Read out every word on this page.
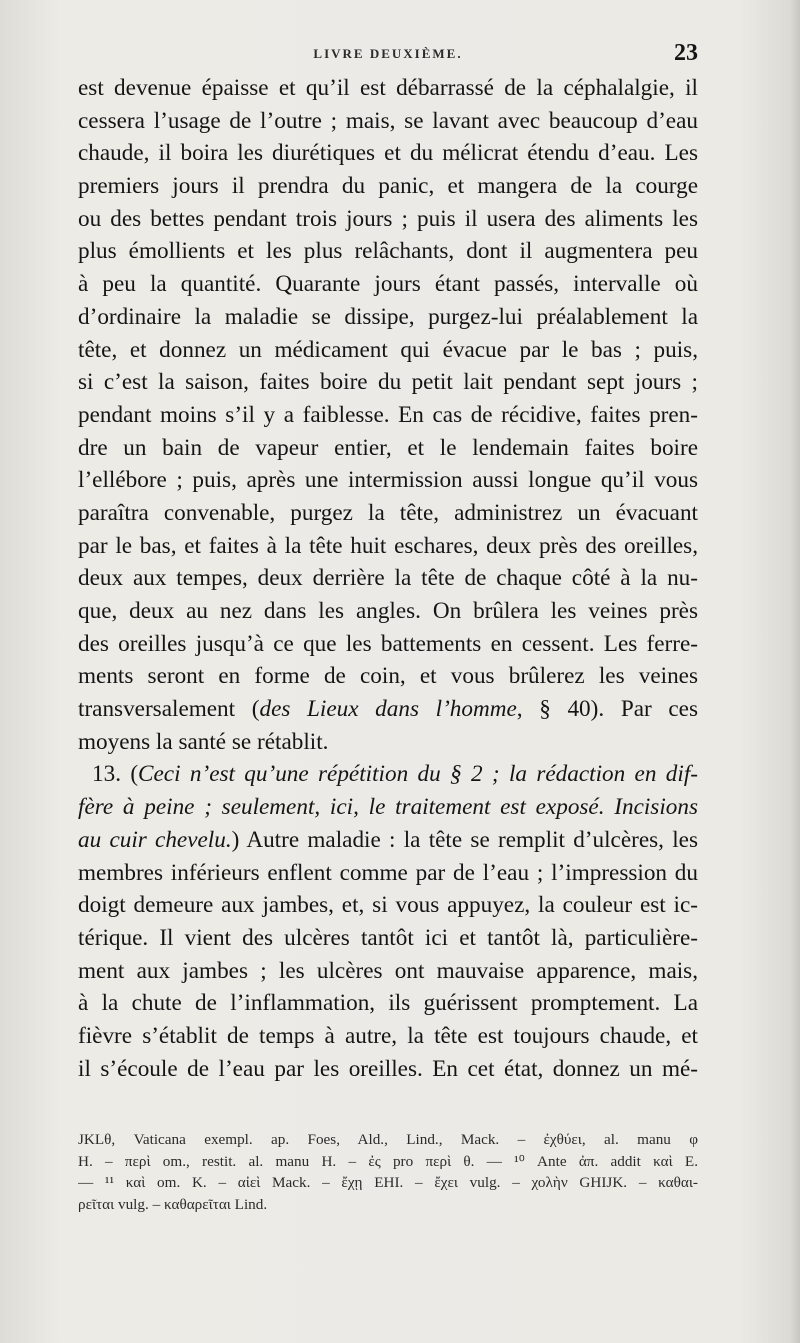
LIVRE DEUXIÈME.	23
est devenue épaisse et qu’il est débarrassé de la céphalalgie, il
cessera l’usage de l’outre ; mais, se lavant avec beaucoup d’eau
chaude, il boira les diurétiques et du mélicrat étendu d’eau. Les
premiers jours il prendra du panic, et mangera de la courge
ou des bettes pendant trois jours ; puis il usera des aliments les
plus émollients et les plus relâchants, dont il augmentera peu
à peu la quantité. Quarante jours étant passés, intervalle où
d’ordinaire la maladie se dissipe, purgez-lui préalablement la
tête, et donnez un médicament qui évacue par le bas ; puis,
si c’est la saison, faites boire du petit lait pendant sept jours ;
pendant moins s’il y a faiblesse. En cas de récidive, faites pren-
dre un bain de vapeur entier, et le lendemain faites boire
l’ellébore ; puis, après une intermission aussi longue qu’il vous
paraîtra convenable, purgez la tête, administrez un évacuant
par le bas, et faites à la tête huit eschares, deux près des oreilles,
deux aux tempes, deux derrière la tête de chaque côté à la nu-
que, deux au nez dans les angles. On brûlera les veines près
des oreilles jusqu’à ce que les battements en cessent. Les ferre-
ments seront en forme de coin, et vous brûlerez les veines
transversalement (des Lieux dans l’homme, § 40). Par ces
moyens la santé se rétablit.
13. (Ceci n’est qu’une répétition du § 2 ; la rédaction en dif-
fère à peine ; seulement, ici, le traitement est exposé. Incisions
au cuir chevelu.) Autre maladie : la tête se remplit d’ulcères, les
membres inférieurs enflent comme par de l’eau ; l’impression du
doigt demeure aux jambes, et, si vous appuyez, la couleur est ic-
térique. Il vient des ulcères tantôt ici et tantôt là, particulière-
ment aux jambes ; les ulcères ont mauvaise apparence, mais,
à la chute de l’inflammation, ils guérissent promptement. La
fièvre s’établit de temps à autre, la tête est toujours chaude, et
il s’écoule de l’eau par les oreilles. En cet état, donnez un mé-
JKLθ, Vaticana exempl. ap. Foes, Ald., Lind., Mack. – ἐχθύει, al. manu φ
H. – περὶ om., restit. al. manu H. – ἐς pro περὶ θ. — ¹⁰ Ante ἀπ. addit καὶ E.
— ¹¹ καὶ om. K. – αἰεὶ Mack. – ἔχῃ EHI. – ἔχει vulg. – χολὴν GHIJK. – καθαι-
ρεῖται vulg. – καθαρεῖται Lind.
